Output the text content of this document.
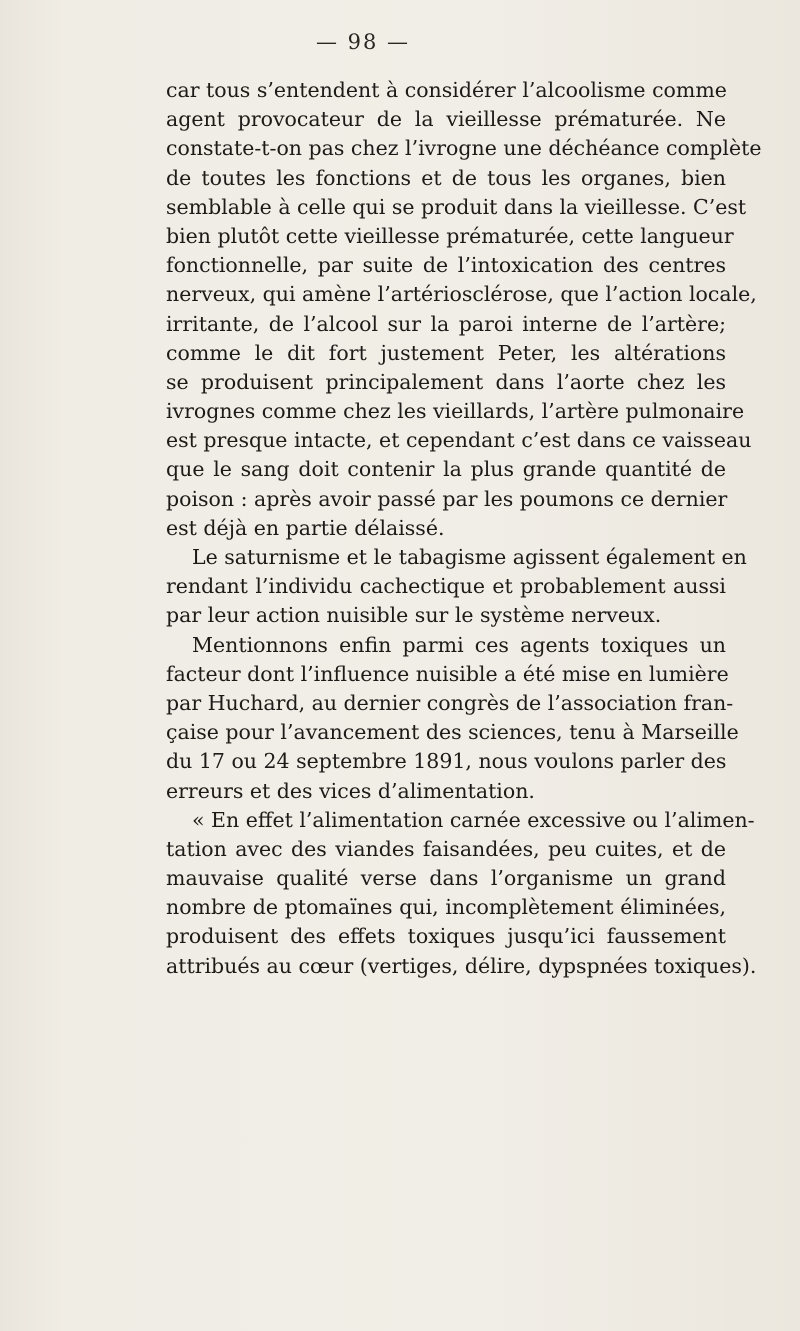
— 98 —
car tous s’entendent à considérer l’alcoolisme comme
agent provocateur de la vieillesse prématurée. Ne
constate-t-on pas chez l’ivrogne une déchéance complète
de toutes les fonctions et de tous les organes, bien
semblable à celle qui se produit dans la vieillesse. C’est
bien plutôt cette vieillesse prématurée, cette langueur
fonctionnelle, par suite de l’intoxication des centres
nerveux, qui amène l’artériosclérose, que l’action locale,
irritante, de l’alcool sur la paroi interne de l’artère;
comme le dit fort justement Peter, les altérations
se produisent principalement dans l’aorte chez les
ivrognes comme chez les vieillards, l’artère pulmonaire
est presque intacte, et cependant c’est dans ce vaisseau
que le sang doit contenir la plus grande quantité de
poison : après avoir passé par les poumons ce dernier
est déjà en partie délaissé.
Le saturnisme et le tabagisme agissent également en
rendant l’individu cachectique et probablement aussi
par leur action nuisible sur le système nerveux.
Mentionnons enfin parmi ces agents toxiques un
facteur dont l’influence nuisible a été mise en lumière
par Huchard, au dernier congrès de l’association fran-
çaise pour l’avancement des sciences, tenu à Marseille
du 17 ou 24 septembre 1891, nous voulons parler des
erreurs et des vices d’alimentation.
« En effet l’alimentation carnée excessive ou l’alimen-
tation avec des viandes faisandées, peu cuites, et de
mauvaise qualité verse dans l’organisme un grand
nombre de ptomaïnes qui, incomplètement éliminées,
produisent des effets toxiques jusqu’ici faussement
attribués au cœur (vertiges, délire, dypspnées toxiques).
